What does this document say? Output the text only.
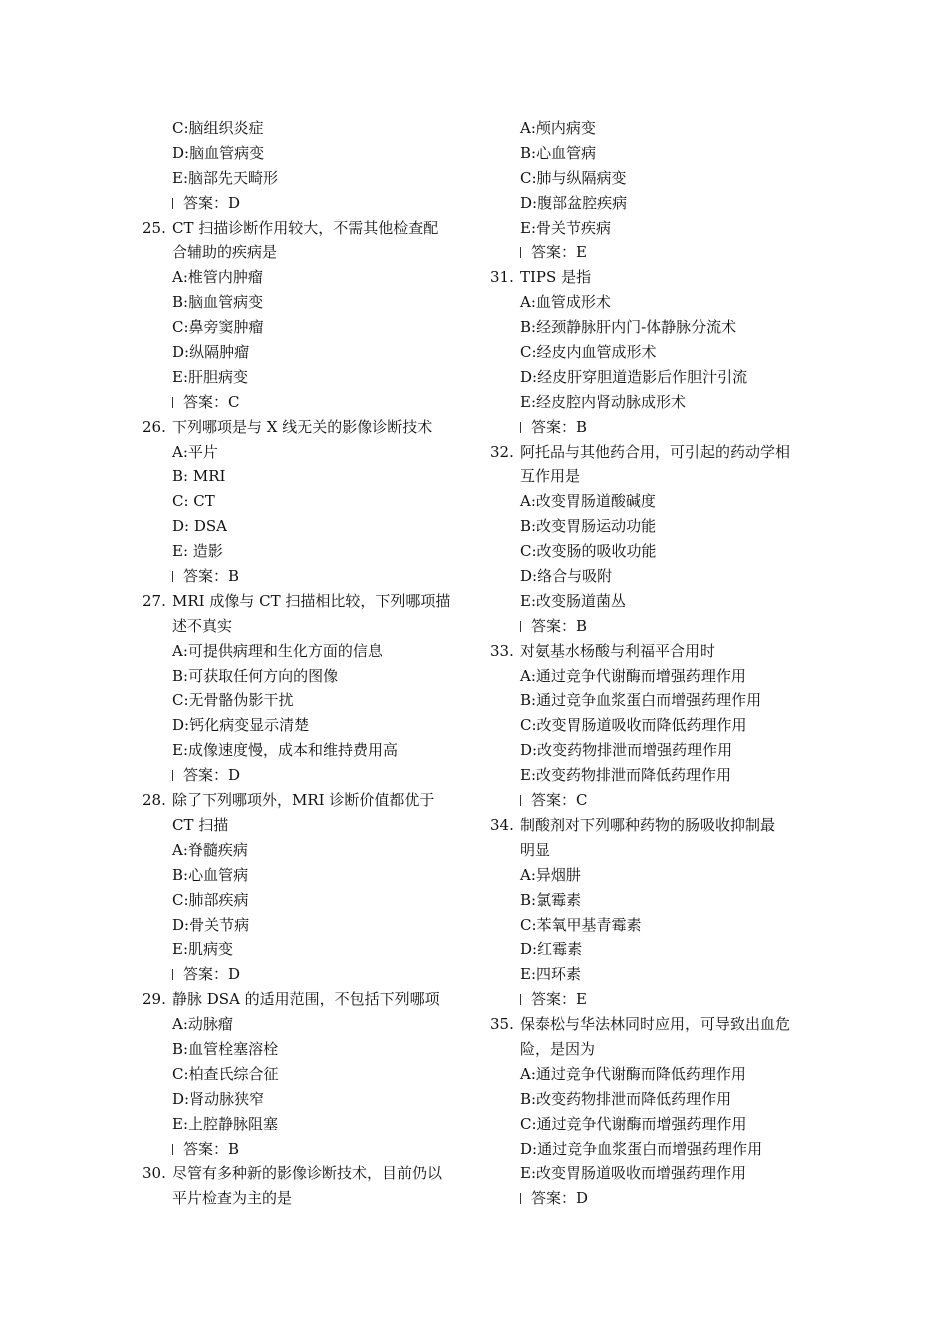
C:脑组织炎症
D:脑血管病变
E:脑部先天畸形
答案：D
25. CT 扫描诊断作用较大，不需其他检查配
合辅助的疾病是
A:椎管内肿瘤
B:脑血管病变
C:鼻旁窦肿瘤
D:纵隔肿瘤
E:肝胆病变
答案：C
26. 下列哪项是与 X 线无关的影像诊断技术
A:平片
B: MRI
C: CT
D: DSA
E: 造影
答案：B
27. MRI 成像与 CT 扫描相比较，下列哪项描
述不真实
A:可提供病理和生化方面的信息
B:可获取任何方向的图像
C:无骨骼伪影干扰
D:钙化病变显示清楚
E:成像速度慢，成本和维持费用高
答案：D
28. 除了下列哪项外，MRI 诊断价值都优于
CT 扫描
A:脊髓疾病
B:心血管病
C:肺部疾病
D:骨关节病
E:肌病变
答案：D
29. 静脉 DSA 的适用范围，不包括下列哪项
A:动脉瘤
B:血管栓塞溶栓
C:柏查氏综合征
D:肾动脉狭窄
E:上腔静脉阻塞
答案：B
30. 尽管有多种新的影像诊断技术，目前仍以
平片检查为主的是
A:颅内病变
B:心血管病
C:肺与纵隔病变
D:腹部盆腔疾病
E:骨关节疾病
答案：E
31. TIPS 是指
A:血管成形术
B:经颈静脉肝内门-体静脉分流术
C:经皮内血管成形术
D:经皮肝穿胆道造影后作胆汁引流
E:经皮腔内肾动脉成形术
答案：B
32. 阿托品与其他药合用，可引起的药动学相
互作用是
A:改变胃肠道酸碱度
B:改变胃肠运动功能
C:改变肠的吸收功能
D:络合与吸附
E:改变肠道菌丛
答案：B
33. 对氨基水杨酸与利福平合用时
A:通过竞争代谢酶而增强药理作用
B:通过竞争血浆蛋白而增强药理作用
C:改变胃肠道吸收而降低药理作用
D:改变药物排泄而增强药理作用
E:改变药物排泄而降低药理作用
答案：C
34. 制酸剂对下列哪种药物的肠吸收抑制最
明显
A:异烟肼
B:氯霉素
C:苯氧甲基青霉素
D:红霉素
E:四环素
答案：E
35. 保泰松与华法林同时应用，可导致出血危
险，是因为
A:通过竞争代谢酶而降低药理作用
B:改变药物排泄而降低药理作用
C:通过竞争代谢酶而增强药理作用
D:通过竞争血浆蛋白而增强药理作用
E:改变胃肠道吸收而增强药理作用
答案：D
